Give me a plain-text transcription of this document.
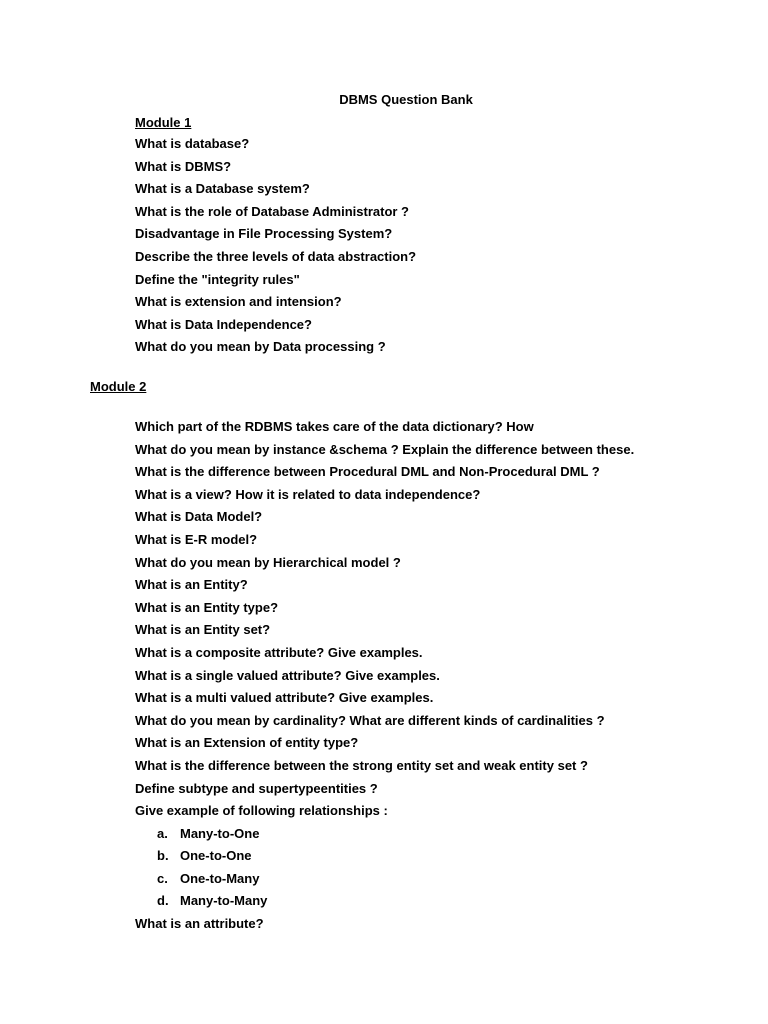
DBMS Question Bank
Module 1
What is database?
What is DBMS?
What is a Database system?
What is the role of Database Administrator ?
Disadvantage in File Processing System?
Describe the three levels of data abstraction?
Define the "integrity rules"
What is extension and intension?
What is Data Independence?
What do you mean by Data processing ?
Module 2
Which part of the RDBMS takes care of the data dictionary? How
What do you mean by instance &schema ? Explain the difference between these.
What is the difference between Procedural DML and Non-Procedural DML ?
What is a view? How it is related to data independence?
What is Data Model?
What is E-R model?
What do you mean by Hierarchical model ?
What is an Entity?
What is an Entity type?
What is an Entity set?
What is a composite attribute? Give examples.
What is a single valued attribute? Give examples.
What is a multi valued attribute? Give examples.
What do you mean by cardinality? What are different kinds of cardinalities ?
What is an Extension of entity type?
What is the difference between the strong entity set and weak entity set ?
Define subtype and supertypeentities ?
Give example of following relationships :
a. Many-to-One
b. One-to-One
c. One-to-Many
d. Many-to-Many
What is an attribute?
